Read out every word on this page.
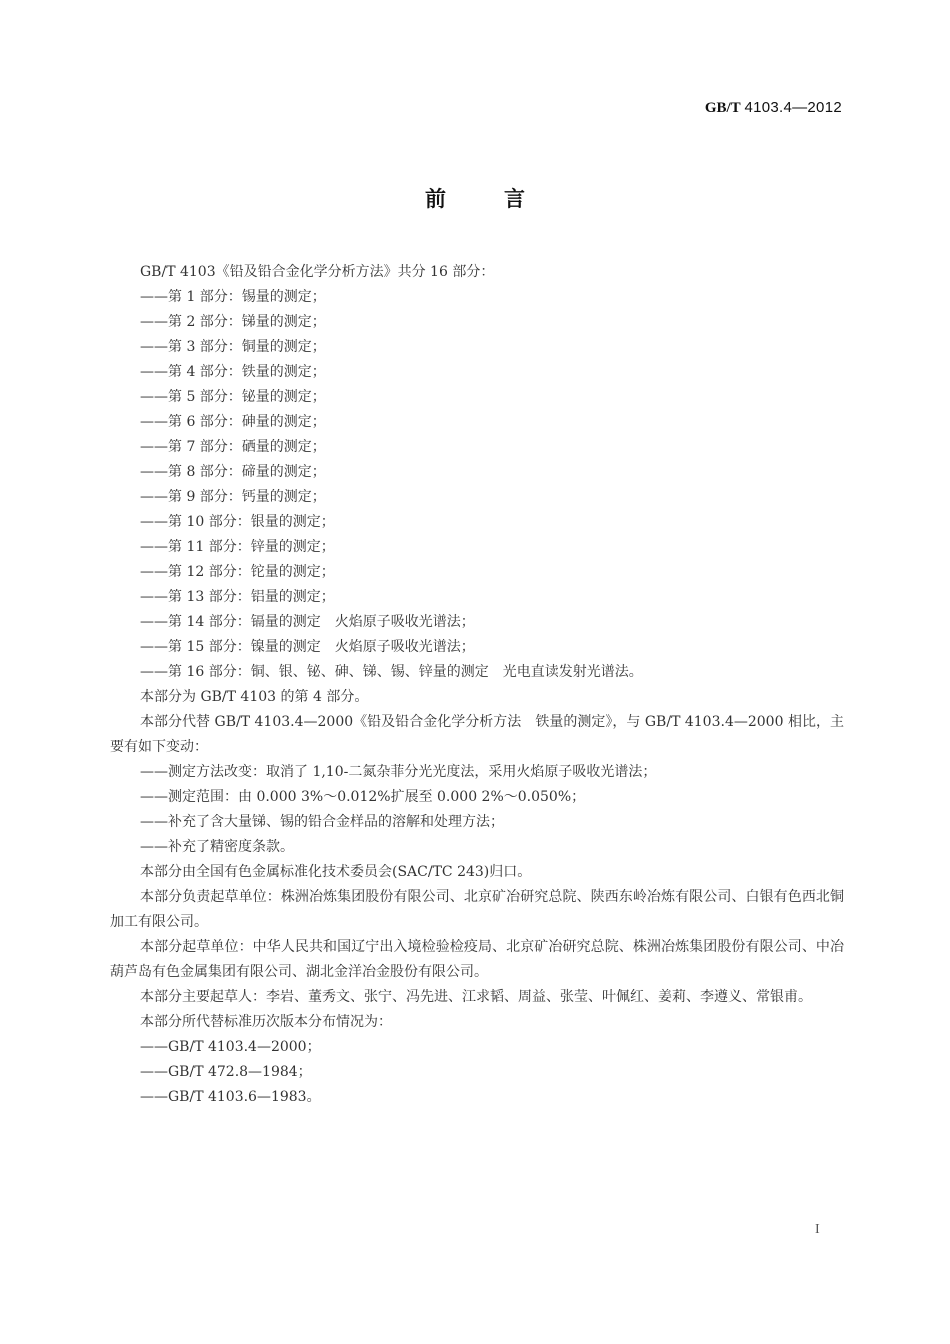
GB/T 4103.4—2012
前言
GB/T 4103《铅及铅合金化学分析方法》共分 16 部分：
——第 1 部分：锡量的测定；
——第 2 部分：锑量的测定；
——第 3 部分：铜量的测定；
——第 4 部分：铁量的测定；
——第 5 部分：铋量的测定；
——第 6 部分：砷量的测定；
——第 7 部分：硒量的测定；
——第 8 部分：碲量的测定；
——第 9 部分：钙量的测定；
——第 10 部分：银量的测定；
——第 11 部分：锌量的测定；
——第 12 部分：铊量的测定；
——第 13 部分：铝量的测定；
——第 14 部分：镉量的测定　火焰原子吸收光谱法；
——第 15 部分：镍量的测定　火焰原子吸收光谱法；
——第 16 部分：铜、银、铋、砷、锑、锡、锌量的测定　光电直读发射光谱法。
本部分为 GB/T 4103 的第 4 部分。
本部分代替 GB/T 4103.4—2000《铅及铅合金化学分析方法　铁量的测定》，与 GB/T 4103.4—2000 相比，主要有如下变动：
——测定方法改变：取消了 1,10-二氮杂菲分光光度法，采用火焰原子吸收光谱法；
——测定范围：由 0.000 3%～0.012%扩展至 0.000 2%～0.050%；
——补充了含大量锑、锡的铅合金样品的溶解和处理方法；
——补充了精密度条款。
本部分由全国有色金属标准化技术委员会(SAC/TC 243)归口。
本部分负责起草单位：株洲冶炼集团股份有限公司、北京矿冶研究总院、陕西东岭冶炼有限公司、白银有色西北铜加工有限公司。
本部分起草单位：中华人民共和国辽宁出入境检验检疫局、北京矿冶研究总院、株洲冶炼集团股份有限公司、中冶葫芦岛有色金属集团有限公司、湖北金洋冶金股份有限公司。
本部分主要起草人：李岩、董秀文、张宁、冯先进、江求韬、周益、张莹、叶佩红、姜莉、李遵义、常银甫。
本部分所代替标准历次版本分布情况为：
——GB/T 4103.4—2000；
——GB/T 472.8—1984；
——GB/T 4103.6—1983。
I
